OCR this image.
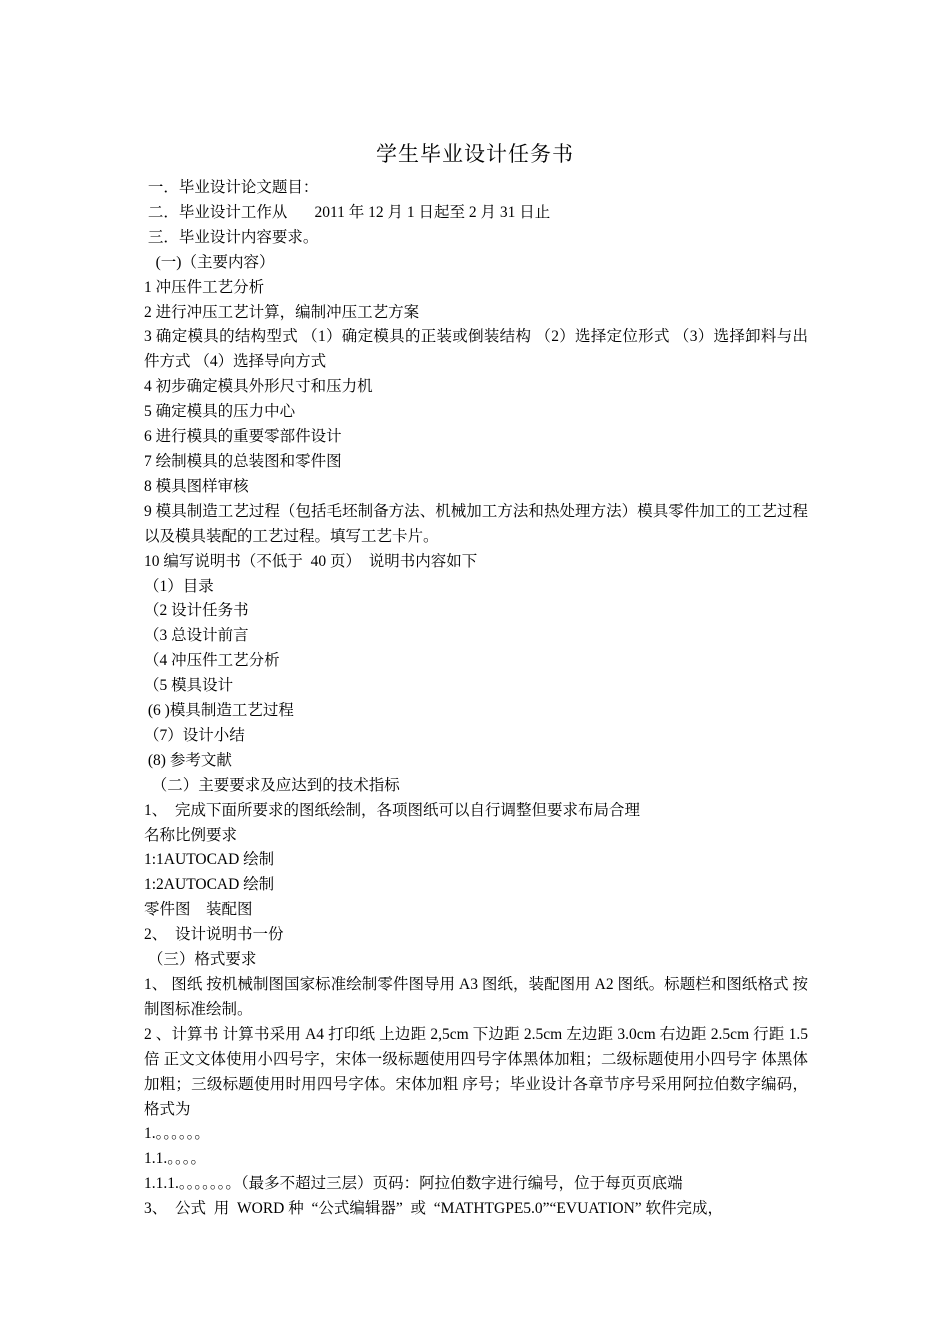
学生毕业设计任务书
一．毕业设计论文题目：
二．毕业设计工作从       2011 年 12 月 1 日起至 2 月 31 日止
三．毕业设计内容要求。
(一)（主要内容）
1 冲压件工艺分析
2 进行冲压工艺计算，编制冲压工艺方案
3 确定模具的结构型式 （1）确定模具的正装或倒装结构 （2）选择定位形式 （3）选择卸料与出件方式 （4）选择导向方式
4 初步确定模具外形尺寸和压力机
5 确定模具的压力中心
6 进行模具的重要零部件设计
7 绘制模具的总装图和零件图
8 模具图样审核
9 模具制造工艺过程（包括毛坯制备方法、机械加工方法和热处理方法）模具零件加工的工艺过程以及模具装配的工艺过程。填写工艺卡片。
10 编写说明书（不低于  40 页）  说明书内容如下
（1）目录
（2 设计任务书
（3 总设计前言
（4 冲压件工艺分析
（5 模具设计
(6 )模具制造工艺过程
（7）设计小结
(8) 参考文献
（二）主要要求及应达到的技术指标
1、  完成下面所要求的图纸绘制，各项图纸可以自行调整但要求布局合理
名称比例要求
1:1AUTOCAD 绘制
1:2AUTOCAD 绘制
零件图    装配图
2、  设计说明书一份
（三）格式要求
1、 图纸 按机械制图国家标准绘制零件图导用 A3 图纸，装配图用 A2 图纸。标题栏和图纸格式 按制图标准绘制。
2 、计算书 计算书采用 A4 打印纸 上边距 2,5cm 下边距 2.5cm 左边距 3.0cm 右边距 2.5cm 行距 1.5 倍 正文文体使用小四号字，宋体一级标题使用四号字体黑体加粗；二级标题使用小四号字 体黑体加粗；三级标题使用时用四号字体。宋体加粗 序号；毕业设计各章节序号采用阿拉伯数字编码，格式为
1.。。。。。。
1.1.。。。。
1.1.1.。。。。。。。（最多不超过三层）页码：阿拉伯数字进行编号，位于每页页底端
3、  公式  用  WORD 种  “公式编辑器”  或  “MATHTGPE5.0”“EVUATION” 软件完成，
